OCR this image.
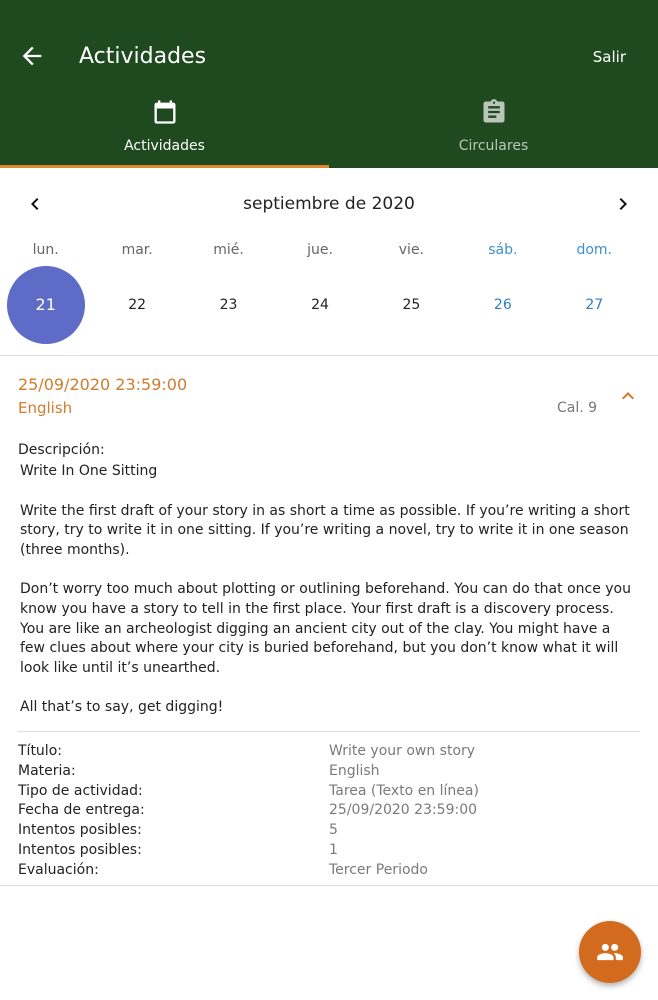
Actividades	Salir
Actividades	Circulares
septiembre de 2020
lun.	mar.	mié.	jue.	vie.	sáb.	dom.
21	22	23	24	25	26	27
25/09/2020 23:59:00
English	Cal. 9
Descripción:

Write In One Sitting

Write the first draft of your story in as short a time as possible. If you’re writing a short story, try to write it in one sitting. If you’re writing a novel, try to write it in one season (three months).

Don’t worry too much about plotting or outlining beforehand. You can do that once you know you have a story to tell in the first place. Your first draft is a discovery process. You are like an archeologist digging an ancient city out of the clay. You might have a few clues about where your city is buried beforehand, but you don’t know what it will look like until it’s unearthed.

All that’s to say, get digging!

Título:	Write your own story
Materia:	English
Tipo de actividad:	Tarea (Texto en línea)
Fecha de entrega:	25/09/2020 23:59:00
Intentos posibles:	5
Intentos posibles:	1
Evaluación:	Tercer Periodo
